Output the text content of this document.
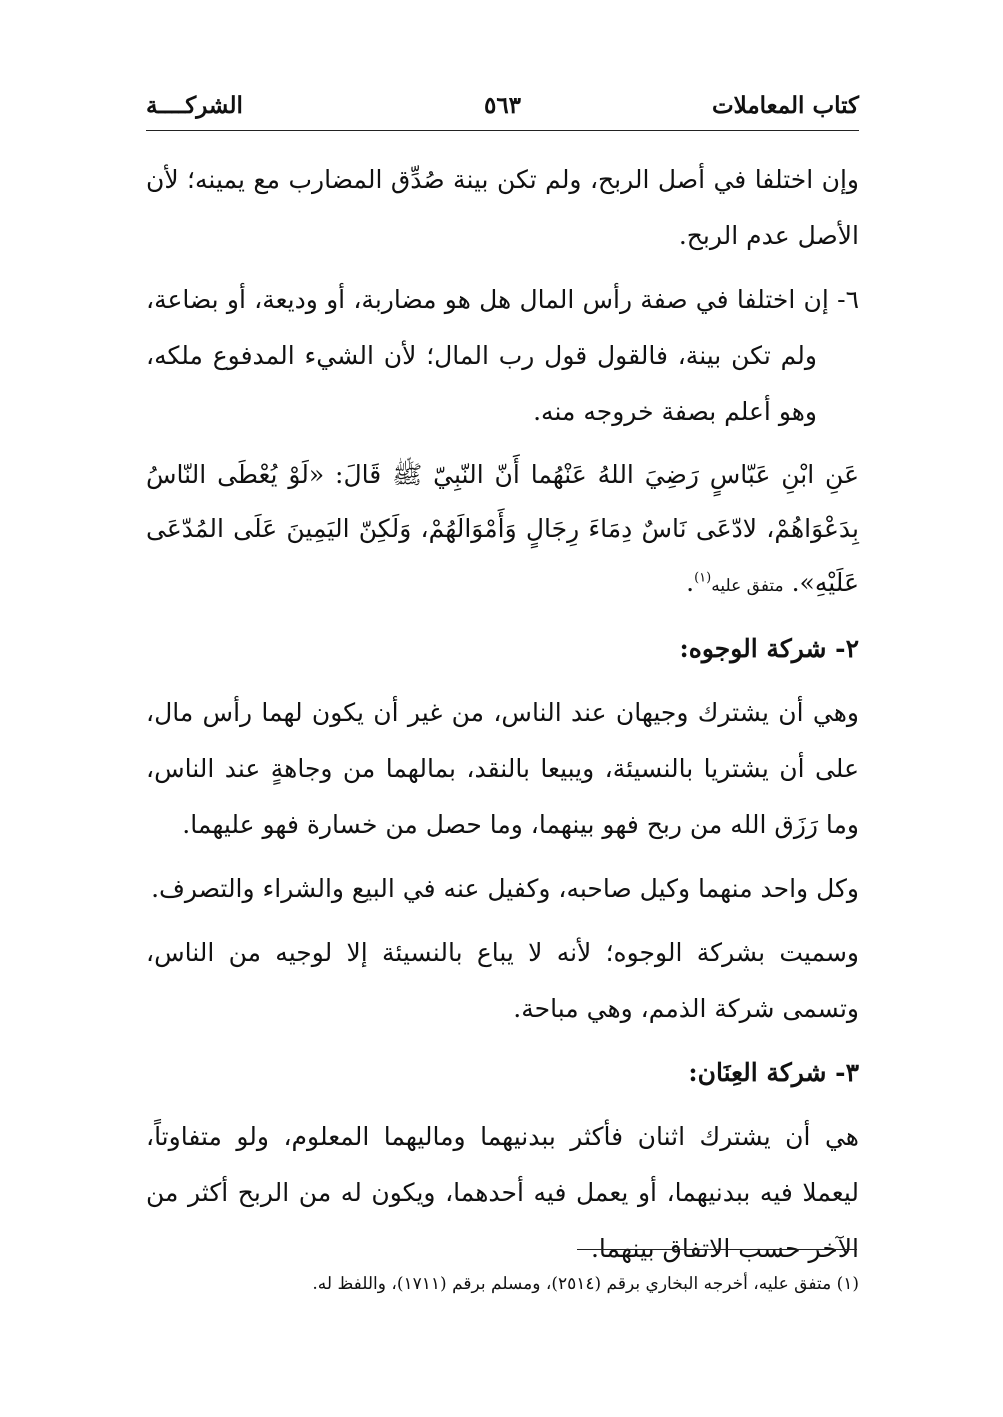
كتاب المعاملات
٥٦٣
الشركــــة

وإن اختلفا في أصل الربح، ولم تكن بينة صُدِّق المضارب مع يمينه؛ لأن الأصل عدم الربح.

٦- إن اختلفا في صفة رأس المال هل هو مضاربة، أو وديعة، أو بضاعة، ولم تكن بينة، فالقول قول رب المال؛ لأن الشيء المدفوع ملكه، وهو أعلم بصفة خروجه منه.

عَنِ ابْنِ عَبّاسٍ رَضِيَ اللهُ عَنْهُما أَنّ النّبِيّ ﷺ قَالَ: «لَوْ يُعْطَى النّاسُ بِدَعْوَاهُمْ، لادّعَى نَاسٌ دِمَاءَ رِجَالٍ وَأَمْوَالَهُمْ، وَلَكِنّ اليَمِينَ عَلَى المُدّعَى عَلَيْهِ». متفق عليه$^{(١)}$.

٢- شركة الوجوه:

وهي أن يشترك وجيهان عند الناس، من غير أن يكون لهما رأس مال، على أن يشتريا بالنسيئة، ويبيعا بالنقد، بمالهما من وجاهةٍ عند الناس، وما رَزَق الله من ربح فهو بينهما، وما حصل من خسارة فهو عليهما.

وكل واحد منهما وكيل صاحبه، وكفيل عنه في البيع والشراء والتصرف.

وسميت بشركة الوجوه؛ لأنه لا يباع بالنسيئة إلا لوجيه من الناس، وتسمى شركة الذمم، وهي مباحة.

٣- شركة العِنَان:

هي أن يشترك اثنان فأكثر ببدنيهما وماليهما المعلوم، ولو متفاوتاً، ليعملا فيه ببدنيهما، أو يعمل فيه أحدهما، ويكون له من الربح أكثر من الآخر حسب الاتفاق بينهما.

(١) متفق عليه، أخرجه البخاري برقم (٢٥١٤)، ومسلم برقم (١٧١١)، واللفظ له.
